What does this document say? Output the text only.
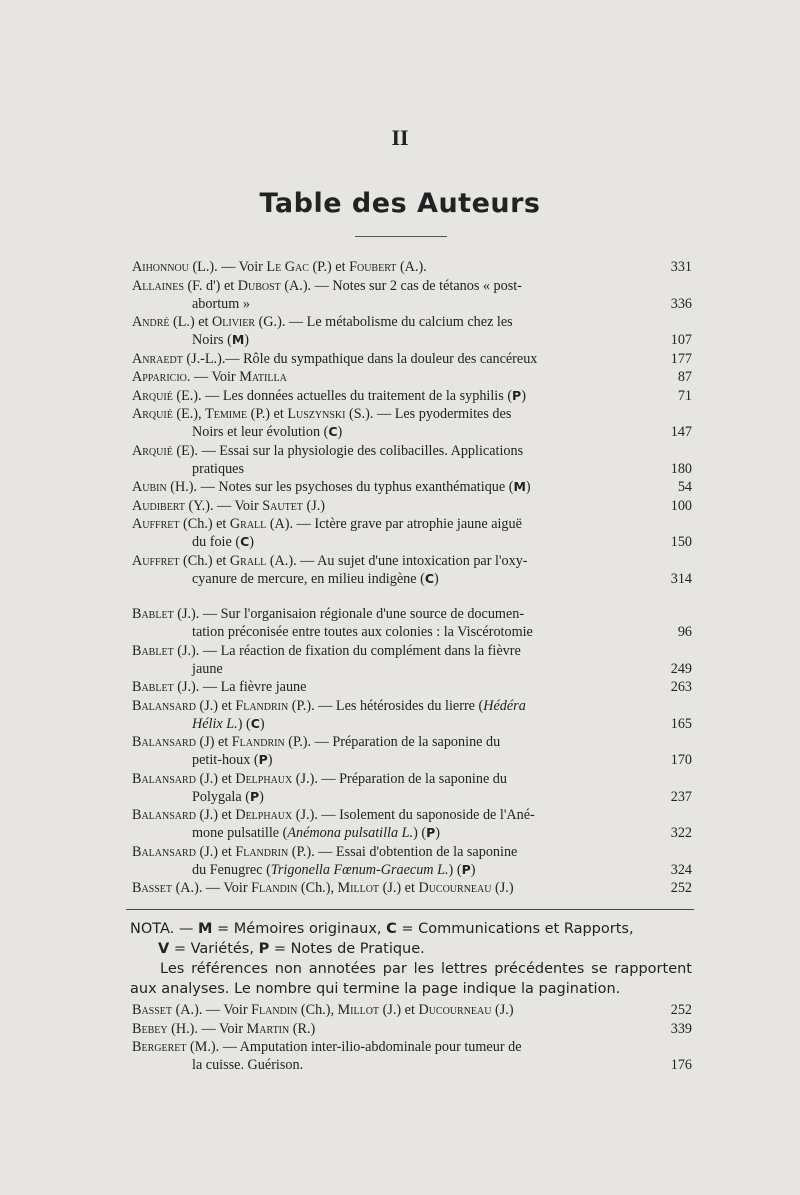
II
Table des Auteurs
Aihonnou (L.). — Voir Le Gac (P.) et Foubert (A.).	331
Allaines (F. d') et Dubost (A.). — Notes sur 2 cas de tétanos « post-
abortum »	336
André (L.) et Olivier (G.). — Le métabolisme du calcium chez les
Noirs (M)	107
Anraedt (J.-L.).— Rôle du sympathique dans la douleur des cancéreux	177
Apparicio. — Voir Matilla	87
Arquié (E.). — Les données actuelles du traitement de la syphilis (P)	71
Arquié (E.), Temime (P.) et Luszynski (S.). — Les pyodermites des
Noirs et leur évolution (C)	147
Arquié (E). — Essai sur la physiologie des colibacilles. Applications
pratiques	180
Aubin (H.). — Notes sur les psychoses du typhus exanthématique (M)	54
Audibert (Y.). — Voir Sautet (J.)	100
Auffret (Ch.) et Grall (A). — Ictère grave par atrophie jaune aiguë
du foie (C)	150
Auffret (Ch.) et Grall (A.). — Au sujet d'une intoxication par l'oxy-
cyanure de mercure, en milieu indigène (C)	314
Bablet (J.). — Sur l'organisaion régionale d'une source de documen-
tation préconisée entre toutes aux colonies : la Viscérotomie	96
Bablet (J.). — La réaction de fixation du complément dans la fièvre
jaune	249
Bablet (J.). — La fièvre jaune	263
Balansard (J.) et Flandrin (P.). — Les hétérosides du lierre (Hédéra
Hélix L.) (C)	165
Balansard (J) et Flandrin (P.). — Préparation de la saponine du
petit-houx (P)	170
Balansard (J.) et Delphaux (J.). — Préparation de la saponine du
Polygala (P)	237
Balansard (J.) et Delphaux (J.). — Isolement du saponoside de l'Ané-
mone pulsatille (Anémona pulsatilla L.) (P)	322
Balansard (J.) et Flandrin (P.). — Essai d'obtention de la saponine
du Fenugrec (Trigonella Fœnum-Graecum L.) (P)	324
Basset (A.). — Voir Flandin (Ch.), Millot (J.) et Ducourneau (J.)	252
NOTA. — M = Mémoires originaux, C = Communications et Rapports,
V = Variétés, P = Notes de Pratique.
Les références non annotées par les lettres précédentes se rapportent aux analyses. Le nombre qui termine la page indique la pagination.
Basset (A.). — Voir Flandin (Ch.), Millot (J.) et Ducourneau (J.)	252
Bebey (H.). — Voir Martin (R.)	339
Bergeret (M.). — Amputation inter-ilio-abdominale pour tumeur de
la cuisse. Guérison.	176
